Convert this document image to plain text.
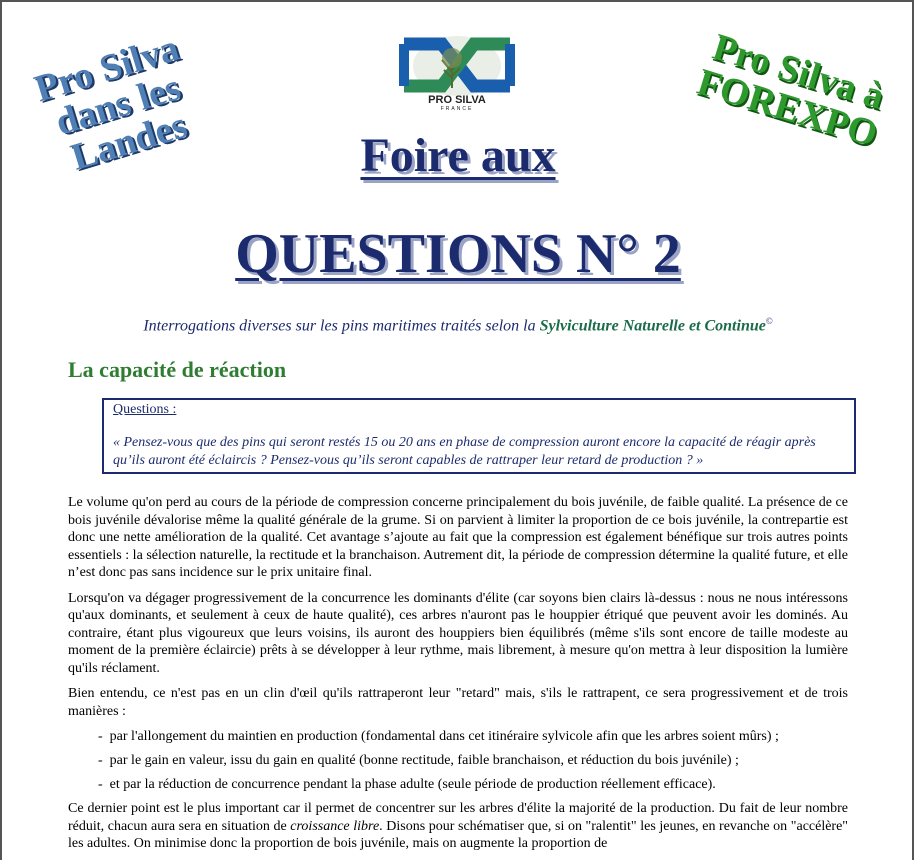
Pro Silva dans les Landes
Pro Silva à FOREXPO
PRO SILVA
FRANCE
Foire aux
QUESTIONS N° 2
Interrogations diverses sur les pins maritimes traités selon la Sylviculture Naturelle et Continue©
La capacité de réaction
Questions :
« Pensez-vous que des pins qui seront restés 15 ou 20 ans en phase de compression auront encore la capacité de réagir après qu’ils auront été éclaircis ? Pensez-vous qu’ils seront capables de rattraper leur retard de production ? »

Le volume qu'on perd au cours de la période de compression concerne principalement du bois juvénile, de faible qualité. La présence de ce bois juvénile dévalorise même la qualité générale de la grume. Si on parvient à limiter la proportion de ce bois juvénile, la contrepartie est donc une nette amélioration de la qualité. Cet avantage s’ajoute au fait que la compression est également bénéfique sur trois autres points essentiels : la sélection naturelle, la rectitude et la branchaison. Autrement dit, la période de compression détermine la qualité future, et elle n’est donc pas sans incidence sur le prix unitaire final.

Lorsqu'on va dégager progressivement de la concurrence les dominants d'élite (car soyons bien clairs là-dessus : nous ne nous intéressons qu'aux dominants, et seulement à ceux de haute qualité), ces arbres n'auront pas le houppier étriqué que peuvent avoir les dominés. Au contraire, étant plus vigoureux que leurs voisins, ils auront des houppiers bien équilibrés (même s'ils sont encore de taille modeste au moment de la première éclaircie) prêts à se développer à leur rythme, mais librement, à mesure qu'on mettra à leur disposition la lumière qu'ils réclament.

Bien entendu, ce n'est pas en un clin d'œil qu'ils rattraperont leur "retard" mais, s'ils le rattrapent, ce sera progressivement et de trois manières :

- par l'allongement du maintien en production (fondamental dans cet itinéraire sylvicole afin que les arbres soient mûrs) ;
- par le gain en valeur, issu du gain en qualité (bonne rectitude, faible branchaison, et réduction du bois juvénile) ;
- et par la réduction de concurrence pendant la phase adulte (seule période de production réellement efficace).

Ce dernier point est le plus important car il permet de concentrer sur les arbres d'élite la majorité de la production. Du fait de leur nombre réduit, chacun aura sera en situation de croissance libre. Disons pour schématiser que, si on "ralentit" les jeunes, en revanche on "accélère" les adultes. On minimise donc la proportion de bois juvénile, mais on augmente la proportion de
